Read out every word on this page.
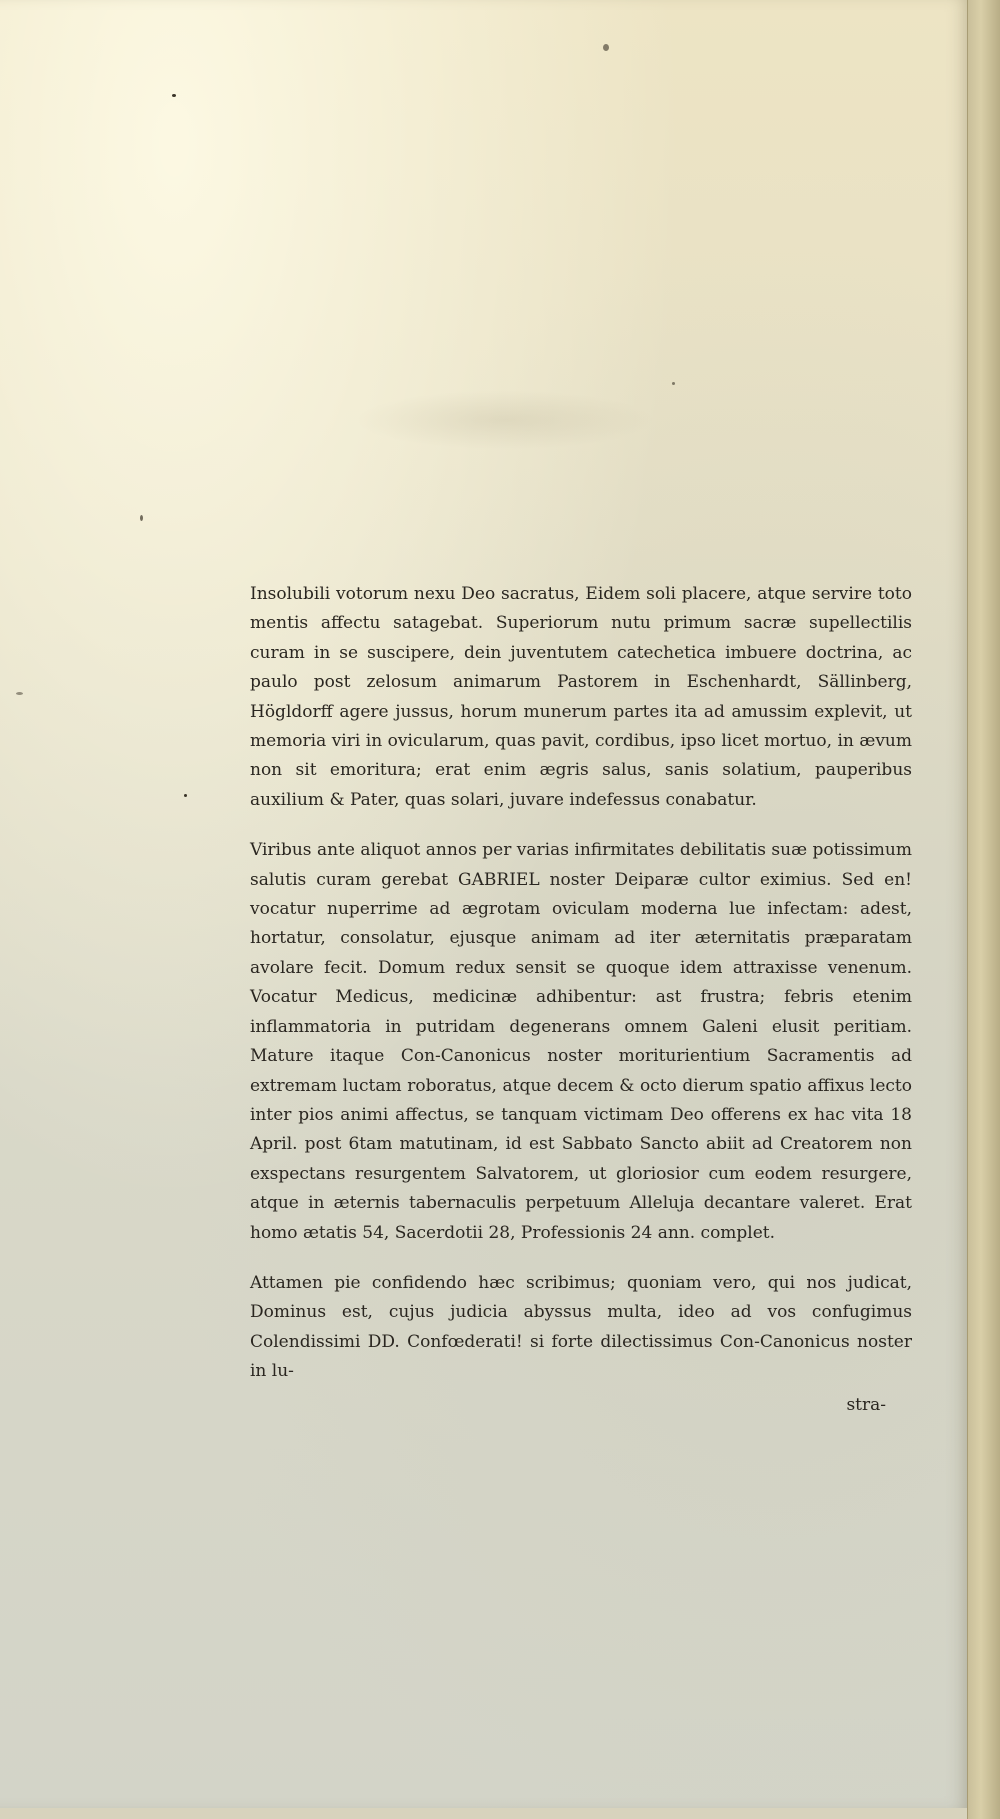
Insolubili votorum nexu Deo sacratus, Eidem soli placere, atque servire toto mentis affectu satagebat. Superiorum nutu primum sacræ supellectilis curam in se suscipere, dein juventutem catechetica imbuere doctrina, ac paulo post zelosum animarum Pastorem in Eschenhardt, Sällinberg, Högldorff agere jussus, horum munerum partes ita ad amussim explevit, ut memoria viri in ovicularum, quas pavit, cordibus, ipso licet mortuo, in ævum non sit emoritura; erat enim ægris salus, sanis solatium, pauperibus auxilium & Pater, quas solari, juvare indefessus conabatur.

Viribus ante aliquot annos per varias infirmitates debilitatis suæ potissimum salutis curam gerebat GABRIEL noster Deiparæ cultor eximius. Sed en! vocatur nuperrime ad ægrotam oviculam moderna lue infectam: adest, hortatur, consolatur, ejusque animam ad iter æternitatis præparatam avolare fecit. Domum redux sensit se quoque idem attraxisse venenum. Vocatur Medicus, medicinæ adhibentur: ast frustra; febris etenim inflammatoria in putridam degenerans omnem Galeni elusit peritiam. Mature itaque Con-Canonicus noster moriturientium Sacramentis ad extremam luctam roboratus, atque decem & octo dierum spatio affixus lecto inter pios animi affectus, se tanquam victimam Deo offerens ex hac vita 18 April. post 6tam matutinam, id est Sabbato Sancto abiit ad Creatorem non exspectans resurgentem Salvatorem, ut gloriosior cum eodem resurgere, atque in æternis tabernaculis perpetuum Alleluja decantare valeret. Erat homo ætatis 54, Sacerdotii 28, Professionis 24 ann. complet.

Attamen pie confidendo hæc scribimus; quoniam vero, qui nos judicat, Dominus est, cujus judicia abyssus multa, ideo ad vos confugimus Colendissimi DD. Confœderati! si forte dilectissimus Con-Canonicus noster in lu-

stra-
